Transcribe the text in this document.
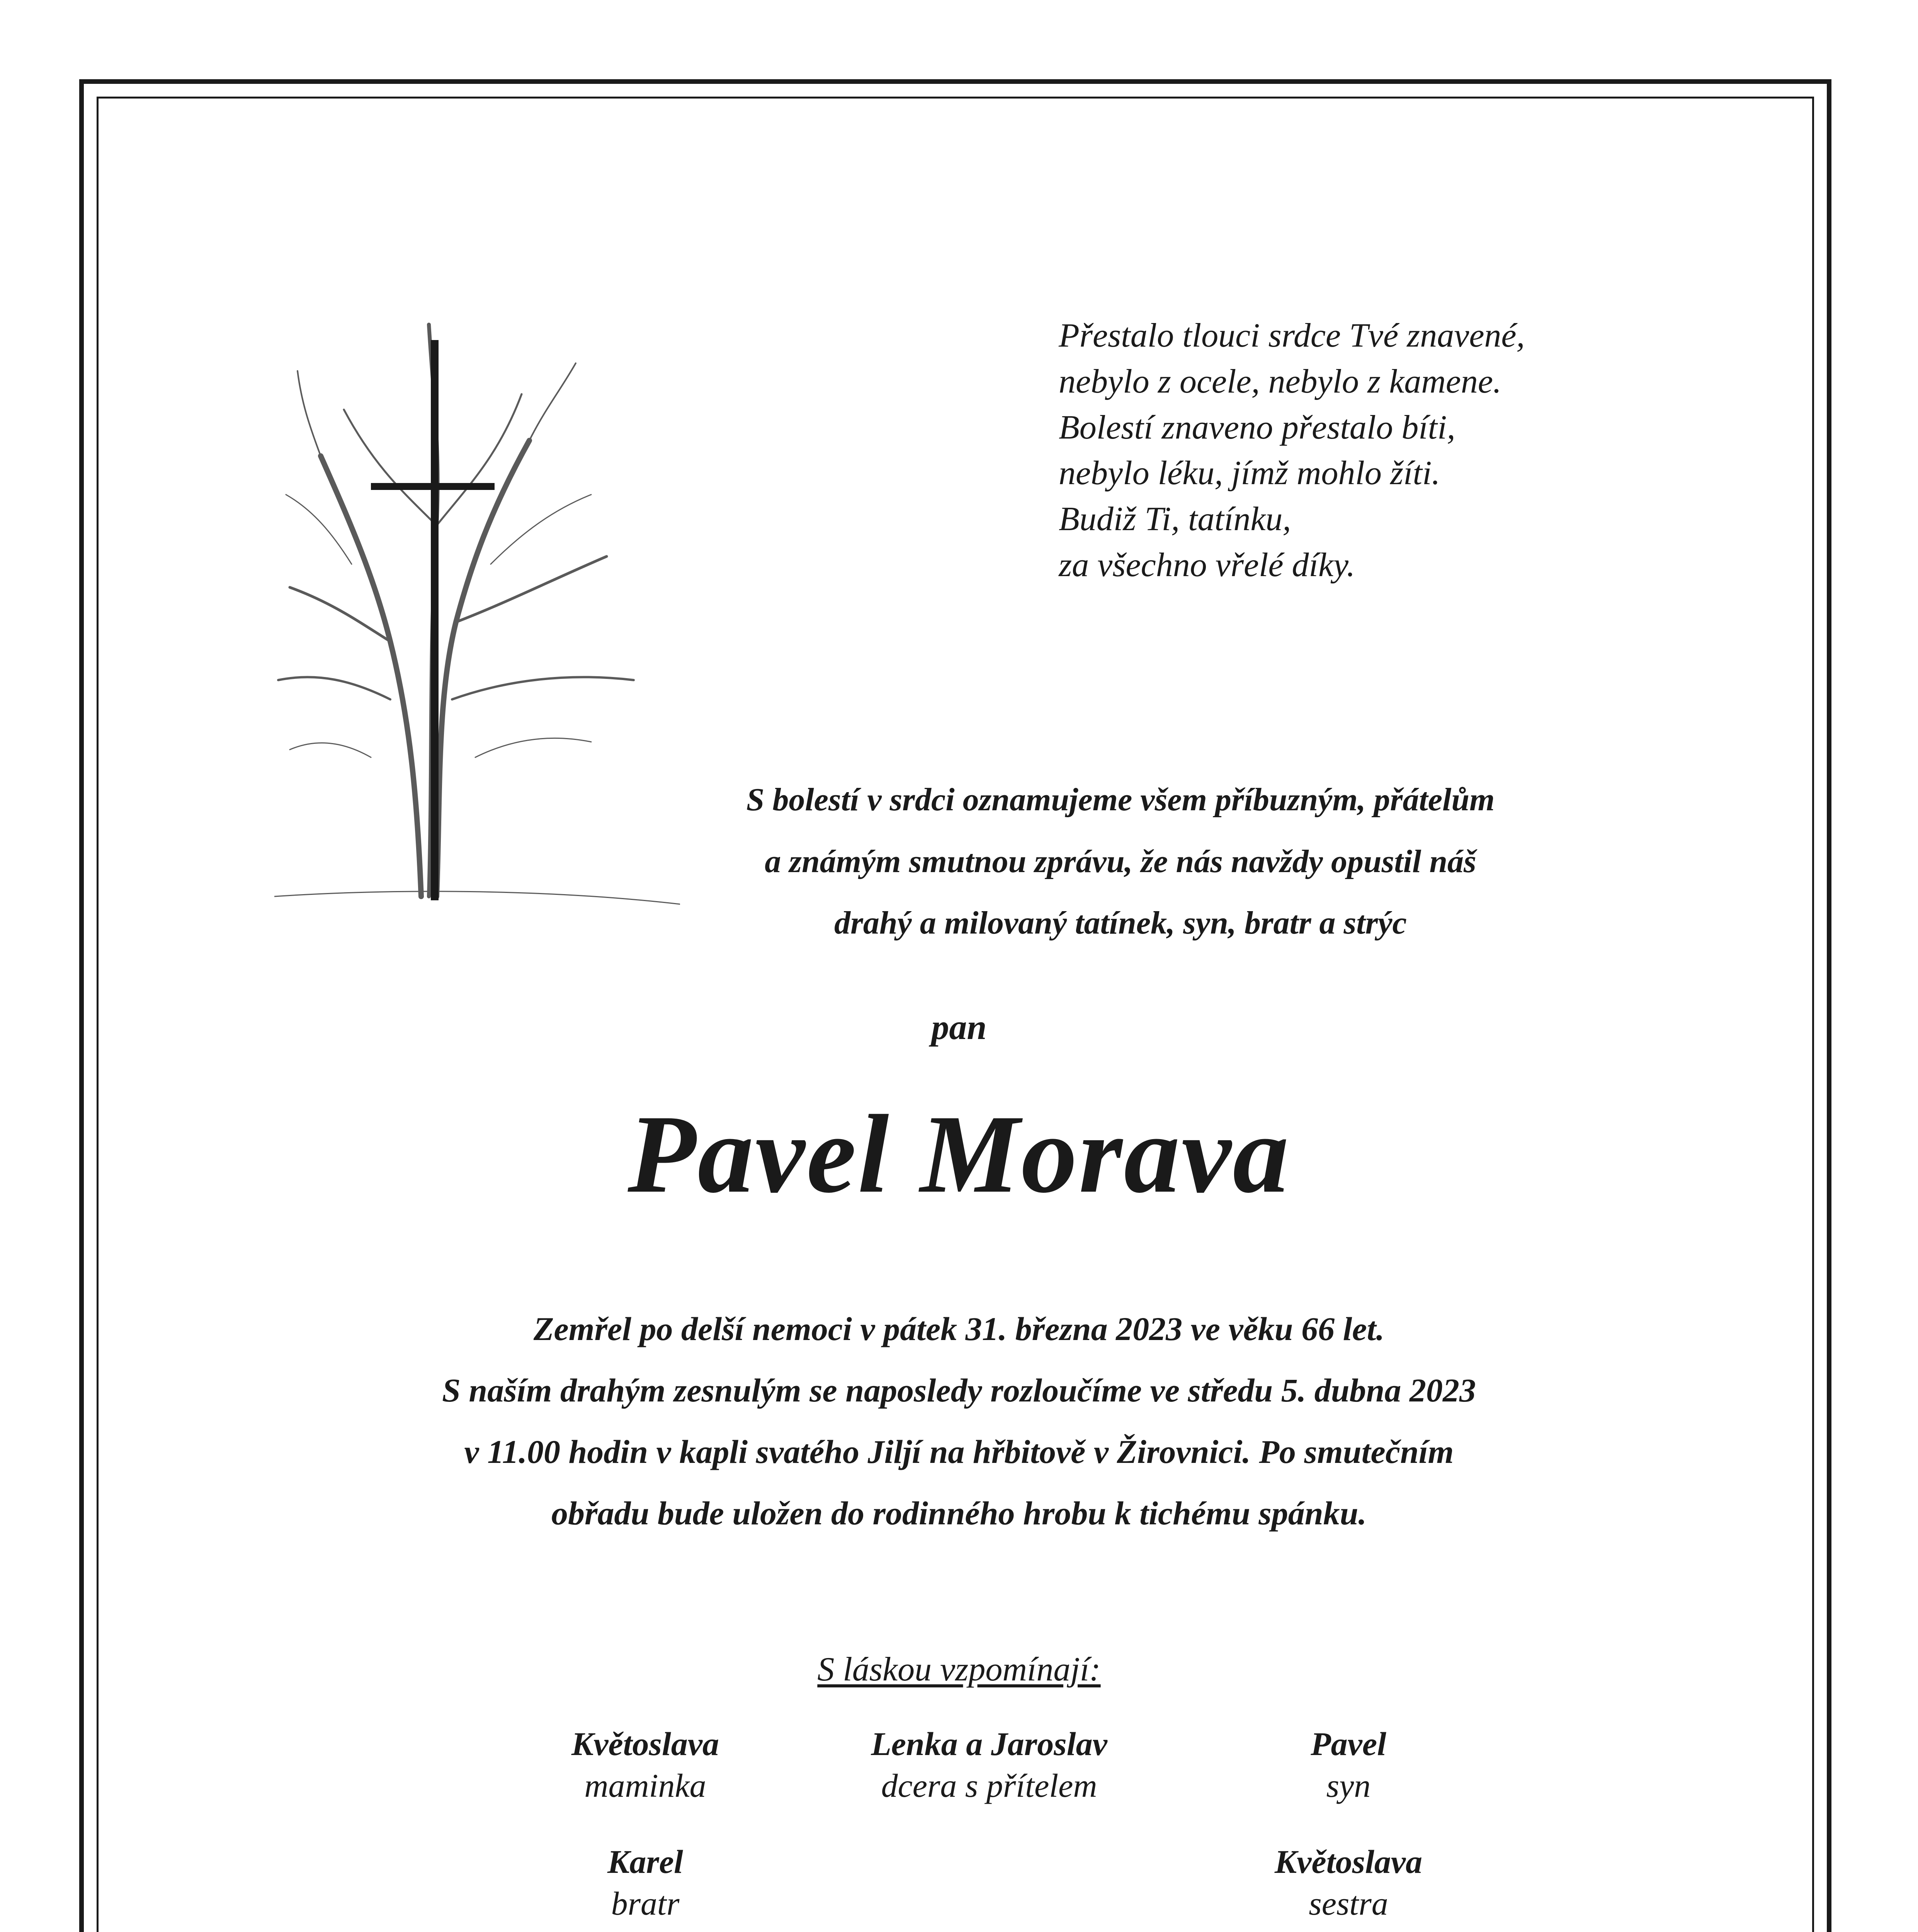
Přestalo tlouci srdce Tvé znavené,
nebylo z ocele, nebylo z kamene.
Bolestí znaveno přestalo bíti,
nebylo léku, jímž mohlo žíti.
Budiž Ti, tatínku,
za všechno vřelé díky.
S bolestí v srdci oznamujeme všem příbuzným, přátelům
a známým smutnou zprávu, že nás navždy opustil náš
drahý a milovaný tatínek, syn, bratr a strýc
pan
Pavel Morava
Zemřel po delší nemoci v pátek 31. března 2023 ve věku 66 let.
S naším drahým zesnulým se naposledy rozloučíme ve středu 5. dubna 2023
v 11.00 hodin v kapli svatého Jiljí na hřbitově v Žirovnici. Po smutečním
obřadu bude uložen do rodinného hrobu k tichému spánku.
S láskou vzpomínají:
Květoslava
maminka
Lenka a Jaroslav
dcera s přítelem
Pavel
syn
Karel
bratr
Květoslava
sestra
